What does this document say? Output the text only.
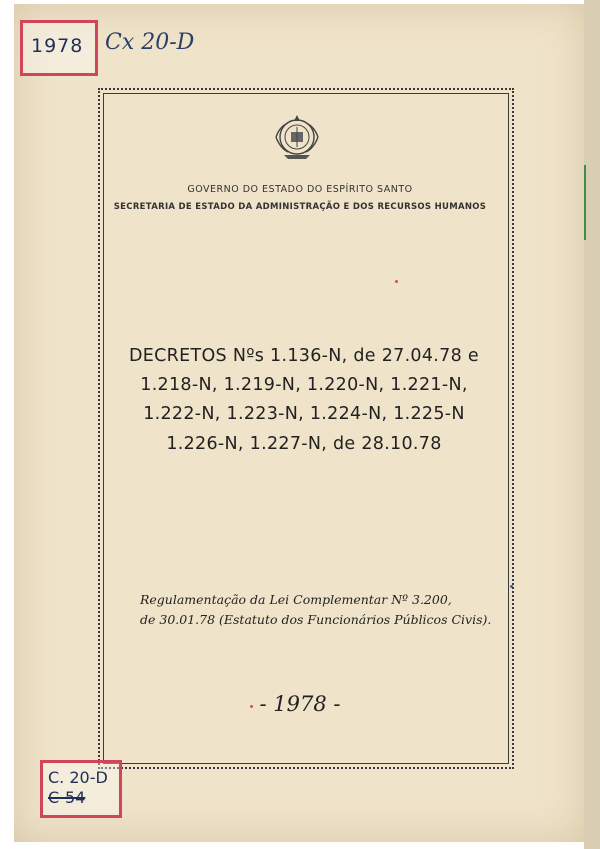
1978 Cx 20-D
GOVERNO DO ESTADO DO ESPÍRITO SANTO
SECRETARIA DE ESTADO DA ADMINISTRAÇÃO E DOS RECURSOS HUMANOS
DECRETOS Nºs 1.136-N, de 27.04.78 e
1.218-N, 1.219-N, 1.220-N, 1.221-N,
1.222-N, 1.223-N, 1.224-N, 1.225-N
1.226-N, 1.227-N, de 28.10.78
Regulamentação da Lei Complementar Nº 3.200,
de 30.01.78 (Estatuto dos Funcionários Públicos Civis).
- 1978 -
C. 20-D
C-54
